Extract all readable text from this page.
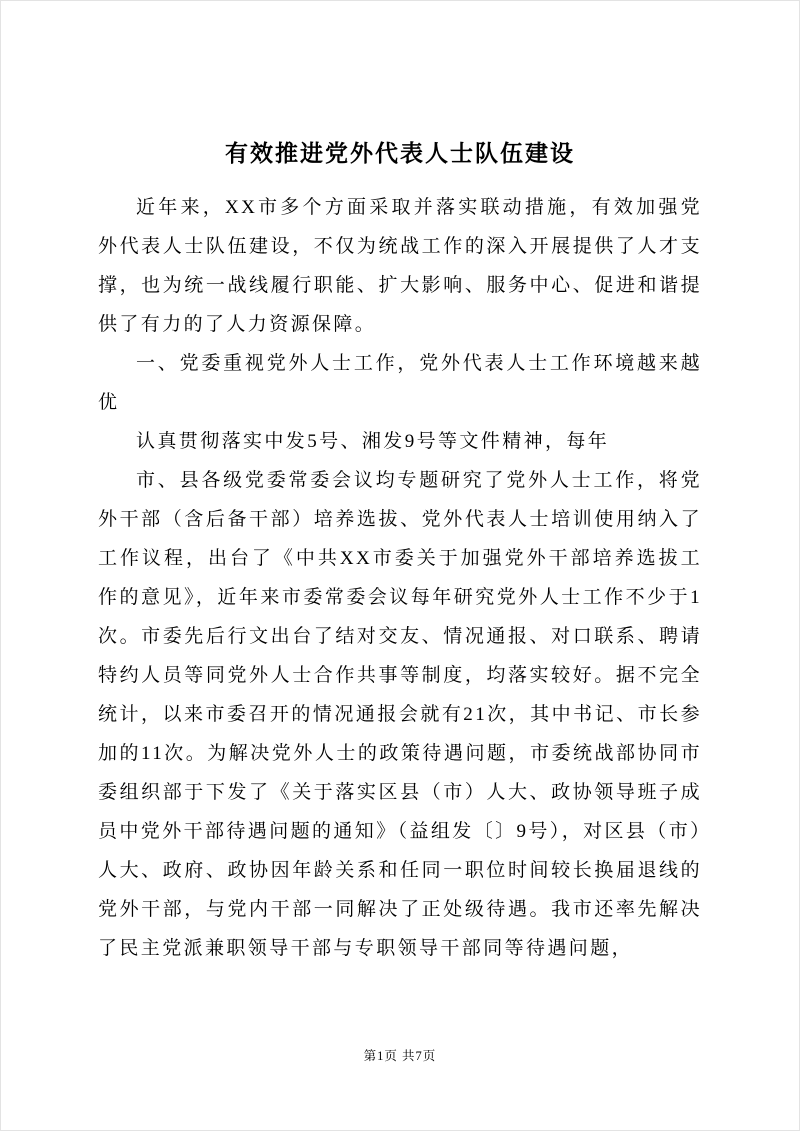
有效推进党外代表人士队伍建设

近年来，XX市多个方面采取并落实联动措施，有效加强党外代表人士队伍建设，不仅为统战工作的深入开展提供了人才支撑，也为统一战线履行职能、扩大影响、服务中心、促进和谐提供了有力的了人力资源保障。

一、党委重视党外人士工作，党外代表人士工作环境越来越优

认真贯彻落实中发5号、湘发9号等文件精神，每年

市、县各级党委常委会议均专题研究了党外人士工作，将党外干部（含后备干部）培养选拔、党外代表人士培训使用纳入了工作议程，出台了《中共XX市委关于加强党外干部培养选拔工作的意见》，近年来市委常委会议每年研究党外人士工作不少于1次。市委先后行文出台了结对交友、情况通报、对口联系、聘请特约人员等同党外人士合作共事等制度，均落实较好。据不完全统计，以来市委召开的情况通报会就有21次，其中书记、市长参加的11次。为解决党外人士的政策待遇问题，市委统战部协同市委组织部于下发了《关于落实区县（市）人大、政协领导班子成员中党外干部待遇问题的通知》（益组发〔〕9号），对区县（市）人大、政府、政协因年龄关系和任同一职位时间较长换届退线的党外干部，与党内干部一同解决了正处级待遇。我市还率先解决了民主党派兼职领导干部与专职领导干部同等待遇问题，

第1页 共7页
